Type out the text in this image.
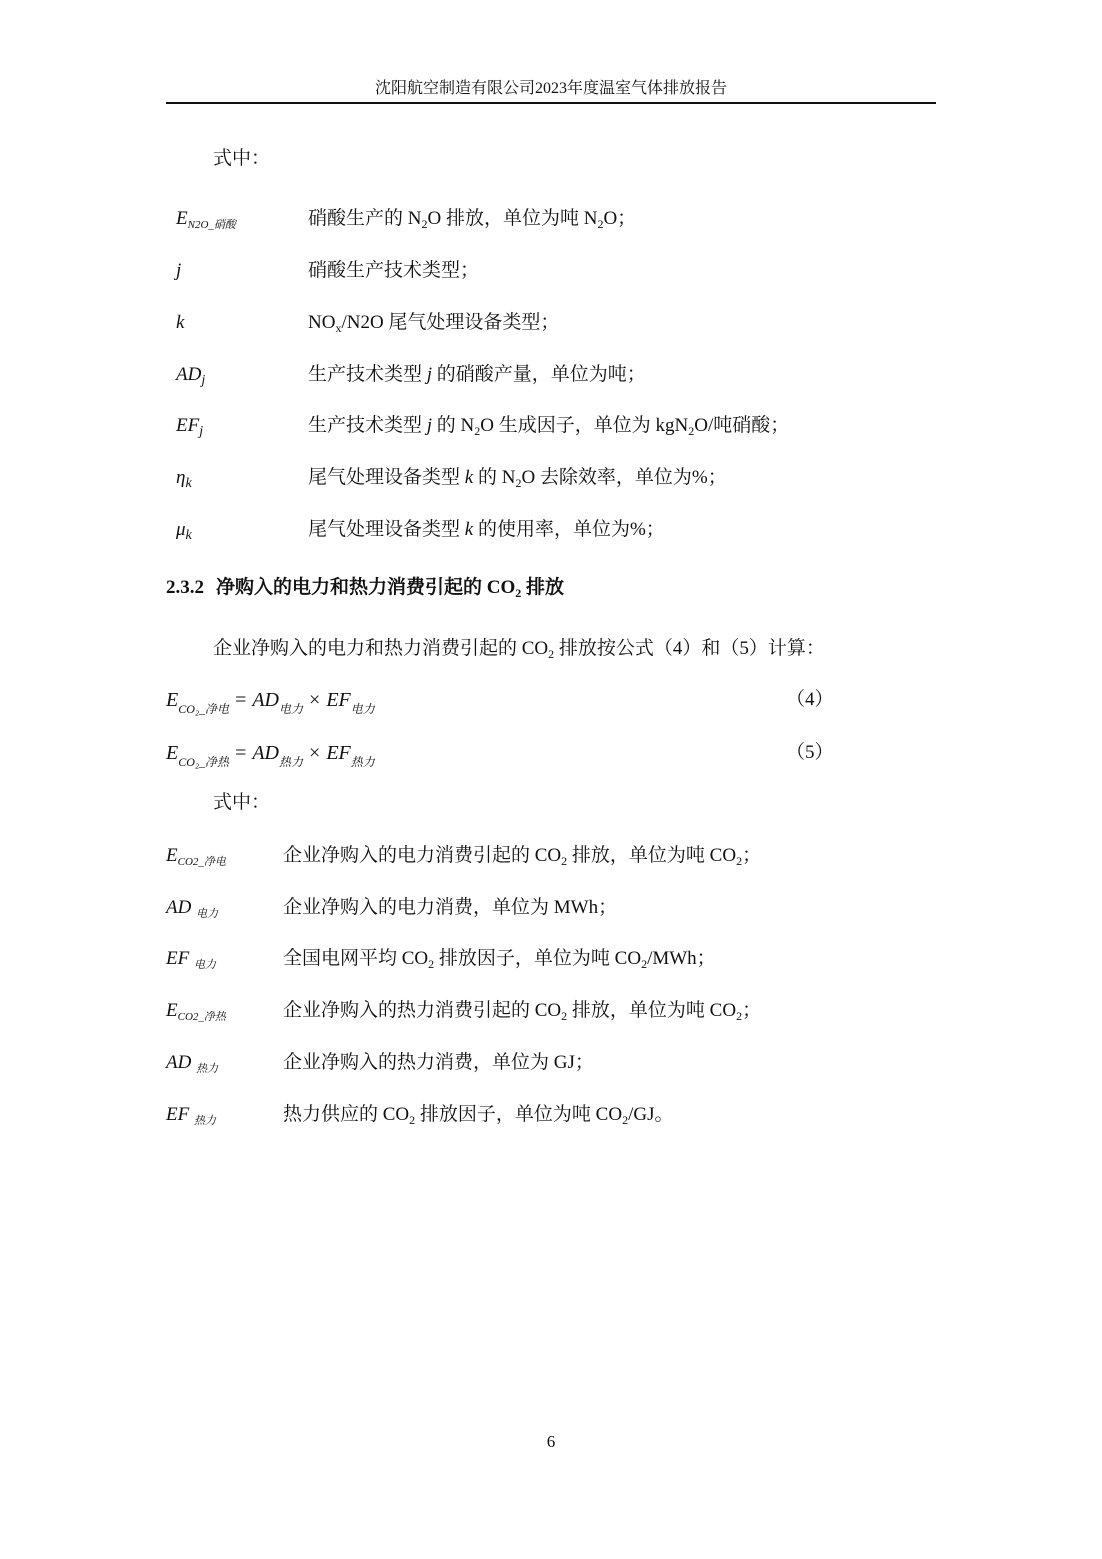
沈阳航空制造有限公司2023年度温室气体排放报告
式中：
$E_{N2O\_硝酸}$	硝酸生产的 $N_2O$ 排放，单位为吨 $N_2O$；
j	硝酸生产技术类型；
k	$NO_x/N2O$ 尾气处理设备类型；
$AD_j$	生产技术类型 j 的硝酸产量，单位为吨；
$EF_j$	生产技术类型 j 的 $N_2O$ 生成因子，单位为 kgN$_2$O/吨硝酸；
$\eta_k$	尾气处理设备类型 k 的 $N_2O$ 去除效率，单位为%；
$\mu_k$	尾气处理设备类型 k 的使用率，单位为%；
2.3.2 净购入的电力和热力消费引起的 $CO_2$ 排放
企业净购入的电力和热力消费引起的 $CO_2$ 排放按公式（4）和（5）计算：
$E_{CO_2\_净电} = AD_{电力} \times EF_{电力}$	（4）
$E_{CO_2\_净热} = AD_{热力} \times EF_{热力}$	（5）
式中：
$E_{CO2\_净电}$	企业净购入的电力消费引起的 $CO_2$ 排放，单位为吨 $CO_2$；
AD $_{电力}$	企业净购入的电力消费，单位为 MWh；
EF $_{电力}$	全国电网平均 $CO_2$ 排放因子，单位为吨 $CO_2$/MWh；
$E_{CO2\_净热}$	企业净购入的热力消费引起的 $CO_2$ 排放，单位为吨 $CO_2$；
AD $_{热力}$	企业净购入的热力消费，单位为 GJ；
EF $_{热力}$	热力供应的 $CO_2$ 排放因子，单位为吨 $CO_2/GJ$。
6
